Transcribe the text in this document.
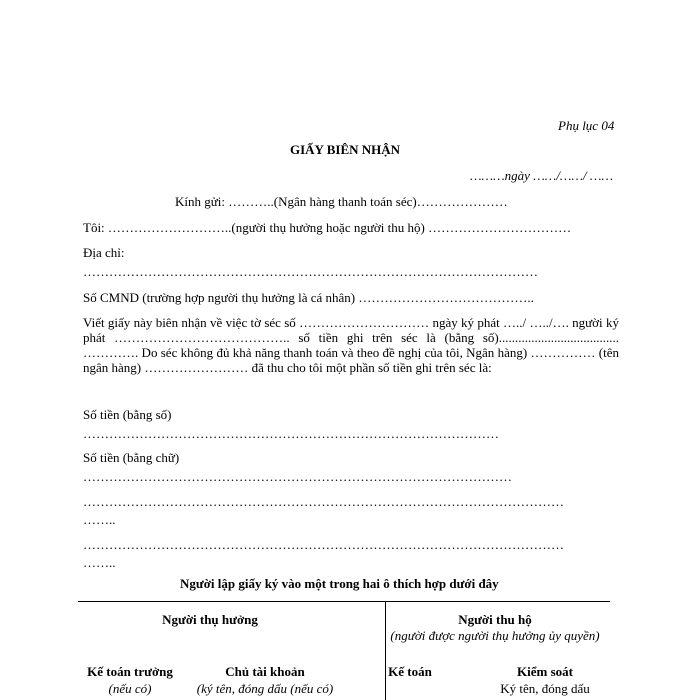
Phụ lục 04
GIẤY BIÊN NHẬN
………ngày ……/……/ ……
Kính gửi: ………..(Ngân hàng thanh toán séc)…………………
Tôi: ………………………..(người thụ hưởng hoặc người thu hộ) ……………………………
Địa chỉ:
……………………………………………………………………………………………
Số CMND (trường hợp người thụ hưởng là cá nhân) …………………………………..
Viết giấy này biên nhận về việc tờ séc số ………………………… ngày ký phát …../ …../…. người ký phát ………………………………….. số tiền ghi trên séc là (bằng số)..................................... …………. Do séc không đủ khả năng thanh toán và theo đề nghị của tôi, Ngân hàng) …………… (tên ngân hàng) …………………… đã thu cho tôi một phần số tiền ghi trên séc là:
Số tiền (bằng số)
……………………………………………………………………………………
Số tiền (bằng chữ)
………………………………………………………………………………………
…………………………………………………………………………………………………
……..
…………………………………………………………………………………………………
……..
Người lập giấy ký vào một trong hai ô thích hợp dưới đây
Người thụ hưởng
Kế toán trưởng
(nếu có)
Chủ tài khoản
(ký tên, đóng dấu (nếu có)
Người thu hộ
(người được người thụ hưởng ủy quyền)
Kế toán	Kiểm soát
Ký tên, đóng dấu
